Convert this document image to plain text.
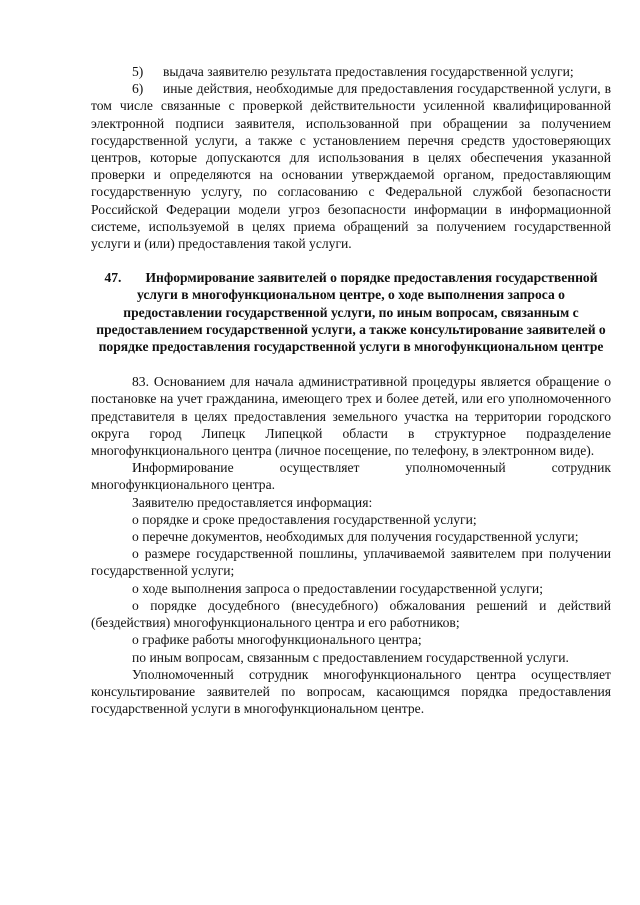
5) выдача заявителю результата предоставления государственной услуги;

6) иные действия, необходимые для предоставления государственной услуги, в том числе связанные с проверкой действительности усиленной квалифицированной электронной подписи заявителя, использованной при обращении за получением государственной услуги, а также с установлением перечня средств удостоверяющих центров, которые допускаются для использования в целях обеспечения указанной проверки и определяются на основании утверждаемой органом, предоставляющим государственную услугу, по согласованию с Федеральной службой безопасности Российской Федерации модели угроз безопасности информации в информационной системе, используемой в целях приема обращений за получением государственной услуги и (или) предоставления такой услуги.

47. Информирование заявителей о порядке предоставления государственной услуги в многофункциональном центре, о ходе выполнения запроса о предоставлении государственной услуги, по иным вопросам, связанным с предоставлением государственной услуги, а также консультирование заявителей о порядке предоставления государственной услуги в многофункциональном центре

83. Основанием для начала административной процедуры является обращение о постановке на учет гражданина, имеющего трех и более детей, или его уполномоченного представителя в целях предоставления земельного участка на территории городского округа город Липецк Липецкой области в структурное подразделение многофункционального центра (личное посещение, по телефону, в электронном виде).

Информирование осуществляет уполномоченный сотрудник многофункционального центра.

Заявителю предоставляется информация:

о порядке и сроке предоставления государственной услуги;

о перечне документов, необходимых для получения государственной услуги;

о размере государственной пошлины, уплачиваемой заявителем при получении государственной услуги;

о ходе выполнения запроса о предоставлении государственной услуги;

о порядке досудебного (внесудебного) обжалования решений и действий (бездействия) многофункционального центра и его работников;

о графике работы многофункционального центра;

по иным вопросам, связанным с предоставлением государственной услуги.

Уполномоченный сотрудник многофункционального центра осуществляет консультирование заявителей по вопросам, касающимся порядка предоставления государственной услуги в многофункциональном центре.
